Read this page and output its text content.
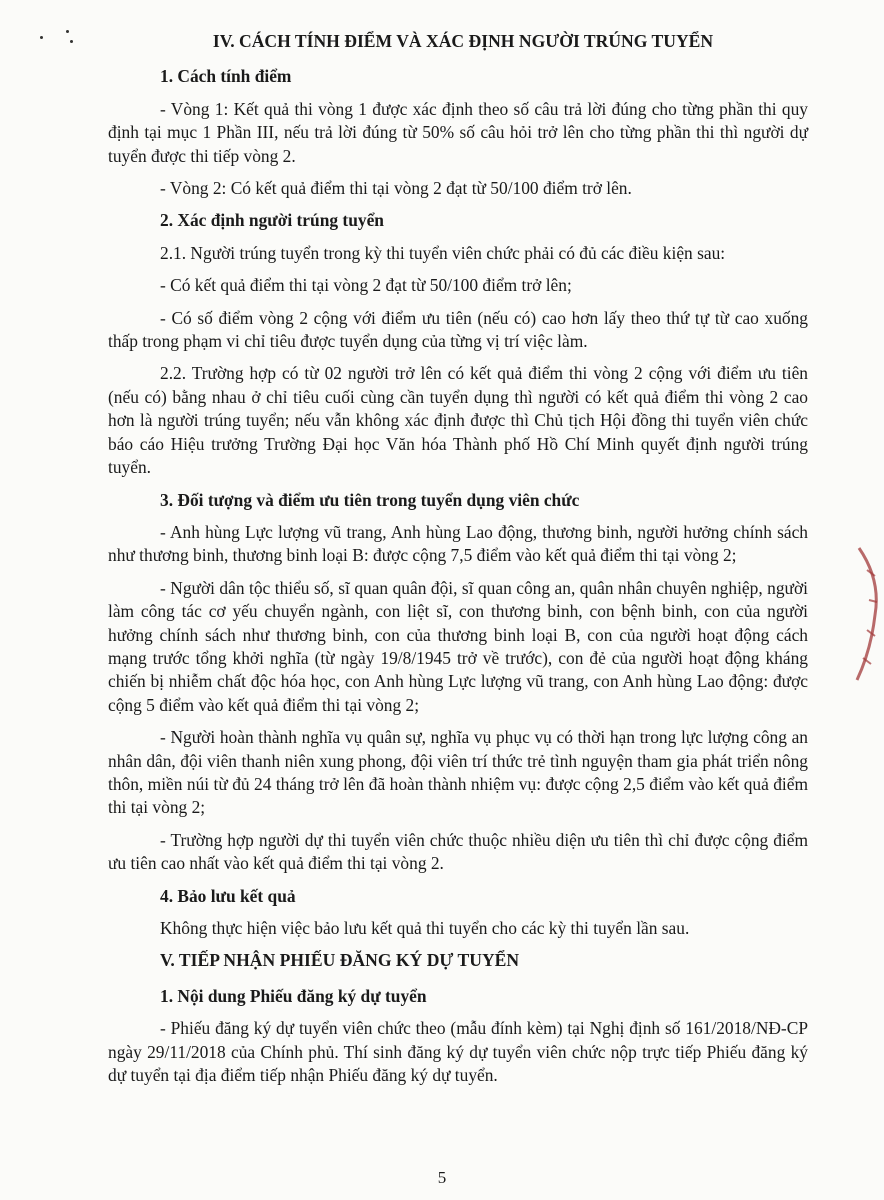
IV. CÁCH TÍNH ĐIỂM VÀ XÁC ĐỊNH NGƯỜI TRÚNG TUYỂN
1. Cách tính điểm
- Vòng 1: Kết quả thi vòng 1 được xác định theo số câu trả lời đúng cho từng phần thi quy định tại mục 1 Phần III, nếu trả lời đúng từ 50% số câu hỏi trở lên cho từng phần thi thì người dự tuyển được thi tiếp vòng 2.
- Vòng 2: Có kết quả điểm thi tại vòng 2 đạt từ 50/100 điểm trở lên.
2. Xác định người trúng tuyển
2.1. Người trúng tuyển trong kỳ thi tuyển viên chức phải có đủ các điều kiện sau:
- Có kết quả điểm thi tại vòng 2 đạt từ 50/100 điểm trở lên;
- Có số điểm vòng 2 cộng với điểm ưu tiên (nếu có) cao hơn lấy theo thứ tự từ cao xuống thấp trong phạm vi chỉ tiêu được tuyển dụng của từng vị trí việc làm.
2.2. Trường hợp có từ 02 người trở lên có kết quả điểm thi vòng 2 cộng với điểm ưu tiên (nếu có) bằng nhau ở chỉ tiêu cuối cùng cần tuyển dụng thì người có kết quả điểm thi vòng 2 cao hơn là người trúng tuyển; nếu vẫn không xác định được thì Chủ tịch Hội đồng thi tuyển viên chức báo cáo Hiệu trưởng Trường Đại học Văn hóa Thành phố Hồ Chí Minh quyết định người trúng tuyển.
3. Đối tượng và điểm ưu tiên trong tuyển dụng viên chức
- Anh hùng Lực lượng vũ trang, Anh hùng Lao động, thương binh, người hưởng chính sách như thương binh, thương binh loại B: được cộng 7,5 điểm vào kết quả điểm thi tại vòng 2;
- Người dân tộc thiểu số, sĩ quan quân đội, sĩ quan công an, quân nhân chuyên nghiệp, người làm công tác cơ yếu chuyển ngành, con liệt sĩ, con thương binh, con bệnh binh, con của người hưởng chính sách như thương binh, con của thương binh loại B, con của người hoạt động cách mạng trước tổng khởi nghĩa (từ ngày 19/8/1945 trở về trước), con đẻ của người hoạt động kháng chiến bị nhiễm chất độc hóa học, con Anh hùng Lực lượng vũ trang, con Anh hùng Lao động: được cộng 5 điểm vào kết quả điểm thi tại vòng 2;
- Người hoàn thành nghĩa vụ quân sự, nghĩa vụ phục vụ có thời hạn trong lực lượng công an nhân dân, đội viên thanh niên xung phong, đội viên trí thức trẻ tình nguyện tham gia phát triển nông thôn, miền núi từ đủ 24 tháng trở lên đã hoàn thành nhiệm vụ: được cộng 2,5 điểm vào kết quả điểm thi tại vòng 2;
- Trường hợp người dự thi tuyển viên chức thuộc nhiều diện ưu tiên thì chỉ được cộng điểm ưu tiên cao nhất vào kết quả điểm thi tại vòng 2.
4. Bảo lưu kết quả
Không thực hiện việc bảo lưu kết quả thi tuyển cho các kỳ thi tuyển lần sau.
V. TIẾP NHẬN PHIẾU ĐĂNG KÝ DỰ TUYỂN
1. Nội dung Phiếu đăng ký dự tuyển
- Phiếu đăng ký dự tuyển viên chức theo (mẫu đính kèm) tại Nghị định số 161/2018/NĐ-CP ngày 29/11/2018 của Chính phủ. Thí sinh đăng ký dự tuyển viên chức nộp trực tiếp Phiếu đăng ký dự tuyển tại địa điểm tiếp nhận Phiếu đăng ký dự tuyển.
5
